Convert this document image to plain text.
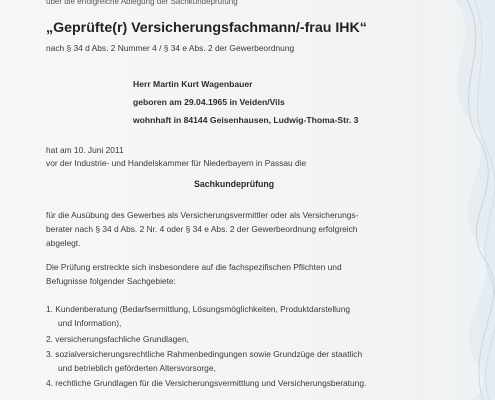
über die erfolgreiche Ablegung der Sachkundeprüfung
„Geprüfte(r) Versicherungsfachmann/-frau IHK“
nach § 34 d Abs. 2 Nummer 4 / § 34 e Abs. 2 der Gewerbeordnung
Herr Martin Kurt Wagenbauer
geboren am 29.04.1965 in Veiden/Vils
wohnhaft in 84144 Geisenhausen, Ludwig-Thoma-Str. 3
hat am 10. Juni 2011
vor der Industrie- und Handelskammer für Niederbayern in Passau die
Sachkundeprüfung
für die Ausübung des Gewerbes als Versicherungsvermittler oder als Versicherungs-
berater nach § 34 d Abs. 2 Nr. 4 oder § 34 e Abs. 2 der Gewerbeordnung erfolgreich
abgelegt.
Die Prüfung erstreckte sich insbesondere auf die fachspezifischen Pflichten und
Befugnisse folgender Sachgebiete:
1. Kundenberatung (Bedarfsermittlung, Lösungsmöglichkeiten, Produktdarstellung
und Information),
2. versicherungsfachliche Grundlagen,
3. sozialversicherungsrechtliche Rahmenbedingungen sowie Grundzüge der staatlich
und betrieblich geförderten Altersvorsorge,
4. rechtliche Grundlagen für die Versicherungsvermittlung und Versicherungsberatung.
